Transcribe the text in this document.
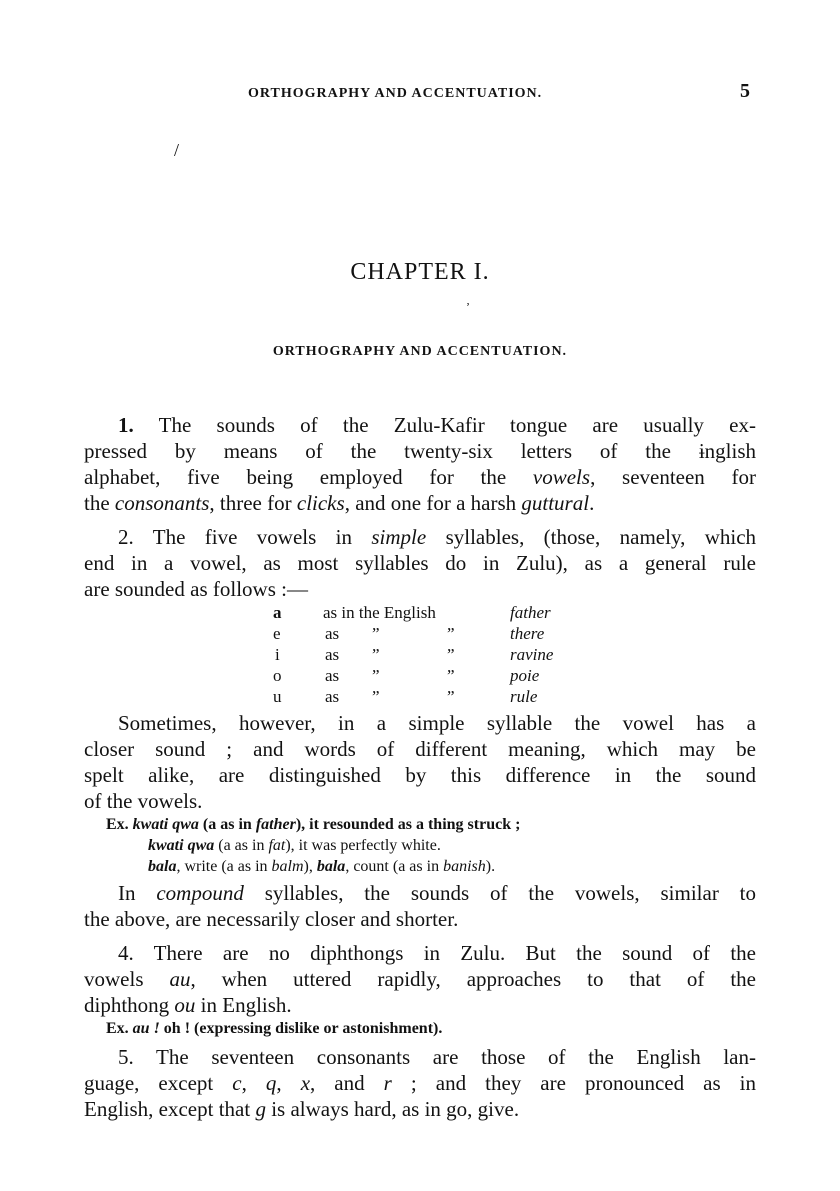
ORTHOGRAPHY AND ACCENTUATION.	5
/
ʼ
CHAPTER I.
ORTHOGRAPHY AND ACCENTUATION.
1. The sounds of the Zulu-Kafir tongue are usually ex-
pressed by means of the twenty-six letters of the ɨnglish
alphabet, five being employed for the vowels, seventeen for
the consonants, three for clicks, and one for a harsh guttural.
2. The five vowels in simple syllables, (those, namely, which
end in a vowel, as most syllables do in Zulu), as a general rule
are sounded as follows :—
a as in the English	father
e	as ”	”	there
i	as ”	”	ravine
o	as ”	”	poie
u	as ”	”	rule
Sometimes, however, in a simple syllable the vowel has a
closer sound ; and words of different meaning, which may be
spelt alike, are distinguished by this difference in the sound
of the vowels.
Ex. kwati qwa (a as in father), it resounded as a thing struck ;
kwati qwa (a as in fat), it was perfectly white.
bala, write (a as in balm), bala, count (a as in banish).
In compound syllables, the sounds of the vowels, similar to
the above, are necessarily closer and shorter.
4. There are no diphthongs in Zulu. But the sound of the
vowels au, when uttered rapidly, approaches to that of the
diphthong ou in English.
Ex. au ! oh ! (expressing dislike or astonishment).
5. The seventeen consonants are those of the English lan-
guage, except c, q, x, and r ; and they are pronounced as in
English, except that g is always hard, as in go, give.
